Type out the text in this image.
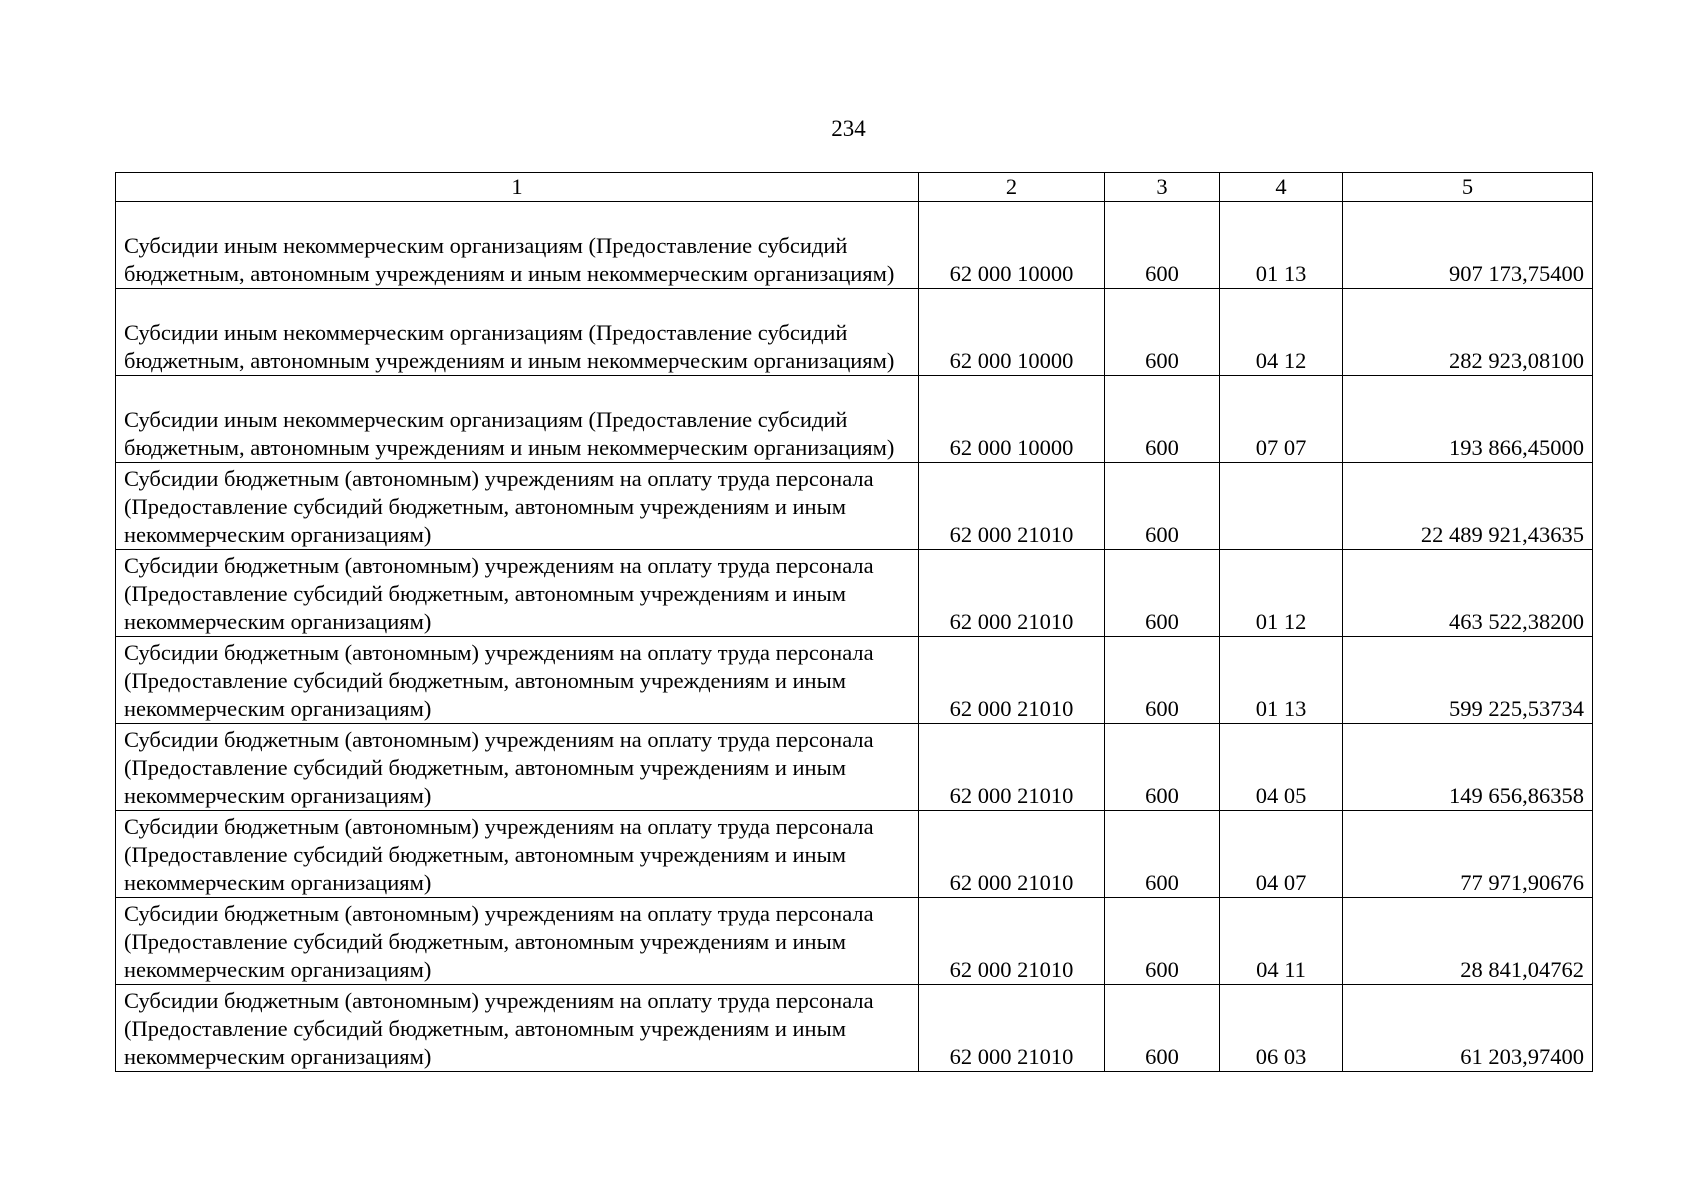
234
1	2	3	4	5
Субсидии иным некоммерческим организациям (Предоставление субсидий бюджетным, автономным учреждениям и иным некоммерческим организациям)	62 000 10000	600	01 13	907 173,75400
Субсидии иным некоммерческим организациям (Предоставление субсидий бюджетным, автономным учреждениям и иным некоммерческим организациям)	62 000 10000	600	04 12	282 923,08100
Субсидии иным некоммерческим организациям (Предоставление субсидий бюджетным, автономным учреждениям и иным некоммерческим организациям)	62 000 10000	600	07 07	193 866,45000
Субсидии бюджетным (автономным) учреждениям на оплату труда персонала (Предоставление субсидий бюджетным, автономным учреждениям и иным некоммерческим организациям)	62 000 21010	600		22 489 921,43635
Субсидии бюджетным (автономным) учреждениям на оплату труда персонала (Предоставление субсидий бюджетным, автономным учреждениям и иным некоммерческим организациям)	62 000 21010	600	01 12	463 522,38200
Субсидии бюджетным (автономным) учреждениям на оплату труда персонала (Предоставление субсидий бюджетным, автономным учреждениям и иным некоммерческим организациям)	62 000 21010	600	01 13	599 225,53734
Субсидии бюджетным (автономным) учреждениям на оплату труда персонала (Предоставление субсидий бюджетным, автономным учреждениям и иным некоммерческим организациям)	62 000 21010	600	04 05	149 656,86358
Субсидии бюджетным (автономным) учреждениям на оплату труда персонала (Предоставление субсидий бюджетным, автономным учреждениям и иным некоммерческим организациям)	62 000 21010	600	04 07	77 971,90676
Субсидии бюджетным (автономным) учреждениям на оплату труда персонала (Предоставление субсидий бюджетным, автономным учреждениям и иным некоммерческим организациям)	62 000 21010	600	04 11	28 841,04762
Субсидии бюджетным (автономным) учреждениям на оплату труда персонала (Предоставление субсидий бюджетным, автономным учреждениям и иным некоммерческим организациям)	62 000 21010	600	06 03	61 203,97400
